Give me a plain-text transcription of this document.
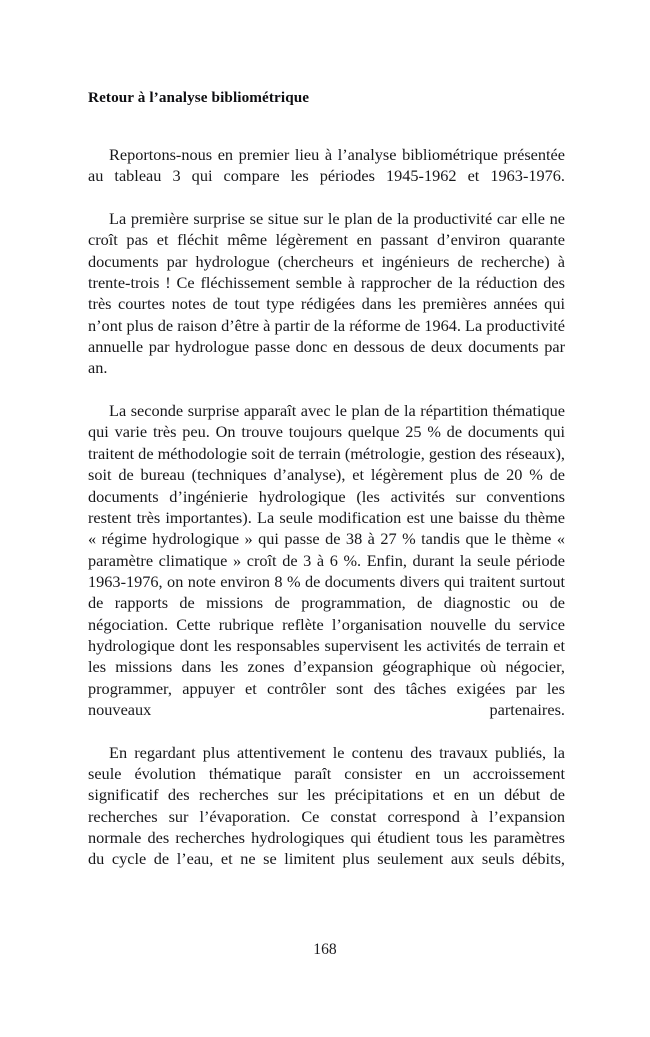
Retour à l’analyse bibliométrique

Reportons-nous en premier lieu à l’analyse bibliométrique présentée au tableau 3 qui compare les périodes 1945-1962 et 1963-1976.

La première surprise se situe sur le plan de la productivité car elle ne croît pas et fléchit même légèrement en passant d’environ quarante documents par hydrologue (chercheurs et ingénieurs de recherche) à trente-trois ! Ce fléchissement semble à rapprocher de la réduction des très courtes notes de tout type rédigées dans les premières années qui n’ont plus de raison d’être à partir de la réforme de 1964. La productivité annuelle par hydrologue passe donc en dessous de deux documents par an.

La seconde surprise apparaît avec le plan de la répartition thématique qui varie très peu. On trouve toujours quelque 25 % de documents qui traitent de méthodologie soit de terrain (métrologie, gestion des réseaux), soit de bureau (techniques d’analyse), et légèrement plus de 20 % de documents d’ingénierie hydrologique (les activités sur conventions restent très importantes). La seule modification est une baisse du thème « régime hydrologique » qui passe de 38 à 27 % tandis que le thème « paramètre climatique » croît de 3 à 6 %. Enfin, durant la seule période 1963-1976, on note environ 8 % de documents divers qui traitent surtout de rapports de missions de programmation, de diagnostic ou de négociation. Cette rubrique reflète l’organisation nouvelle du service hydrologique dont les responsables supervisent les activités de terrain et les missions dans les zones d’expansion géographique où négocier, programmer, appuyer et contrôler sont des tâches exigées par les nouveaux partenaires.

En regardant plus attentivement le contenu des travaux publiés, la seule évolution thématique paraît consister en un accroissement significatif des recherches sur les précipitations et en un début de recherches sur l’évaporation. Ce constat correspond à l’expansion normale des recherches hydrologiques qui étudient tous les paramètres du cycle de l’eau, et ne se limitent plus seulement aux seuls débits,

168
